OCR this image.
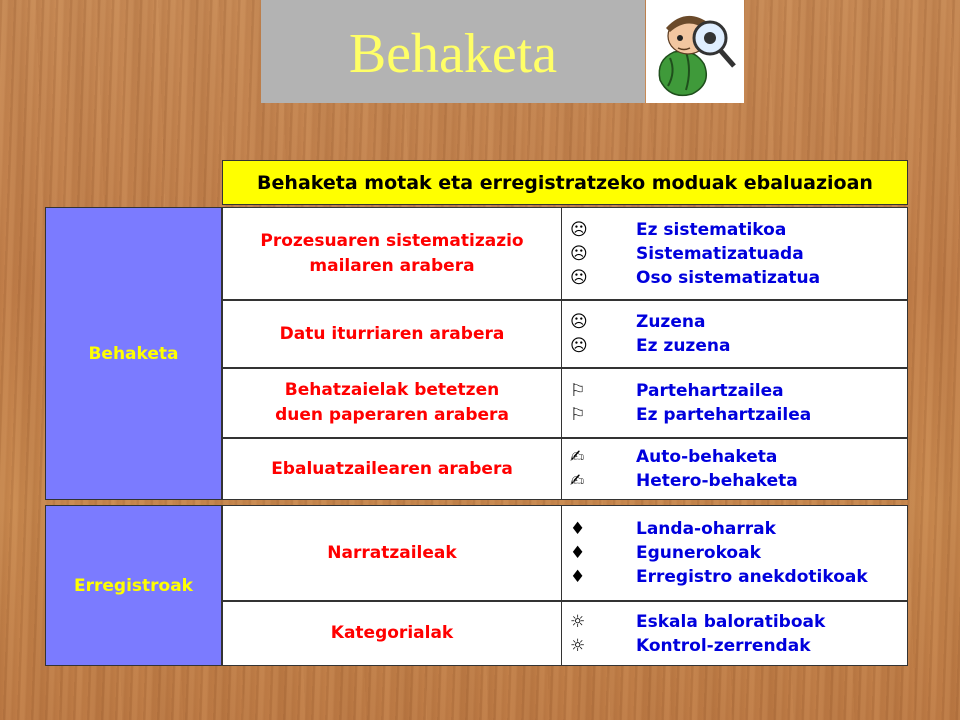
Behaketa
Behaketa motak eta erregistratzeko moduak ebaluazioan
Behaketa
Prozesuaren sistematizazio mailaren arabera
☹	Ez sistematikoa
☹	Sistematizatuada
☹	Oso sistematizatua
Datu iturriaren arabera
☹	Zuzena
☹	Ez zuzena
Behatzaielak betetzen duen paperaren arabera
⚐	Partehartzailea
⚐	Ez partehartzailea
Ebaluatzailearen arabera
✍	Auto-behaketa
✍	Hetero-behaketa
Erregistroak
Narratzaileak
♦	Landa-oharrak
♦	Egunerokoak
♦	Erregistro anekdotikoak
Kategorialak
☼	Eskala baloratiboak
☼	Kontrol-zerrendak
